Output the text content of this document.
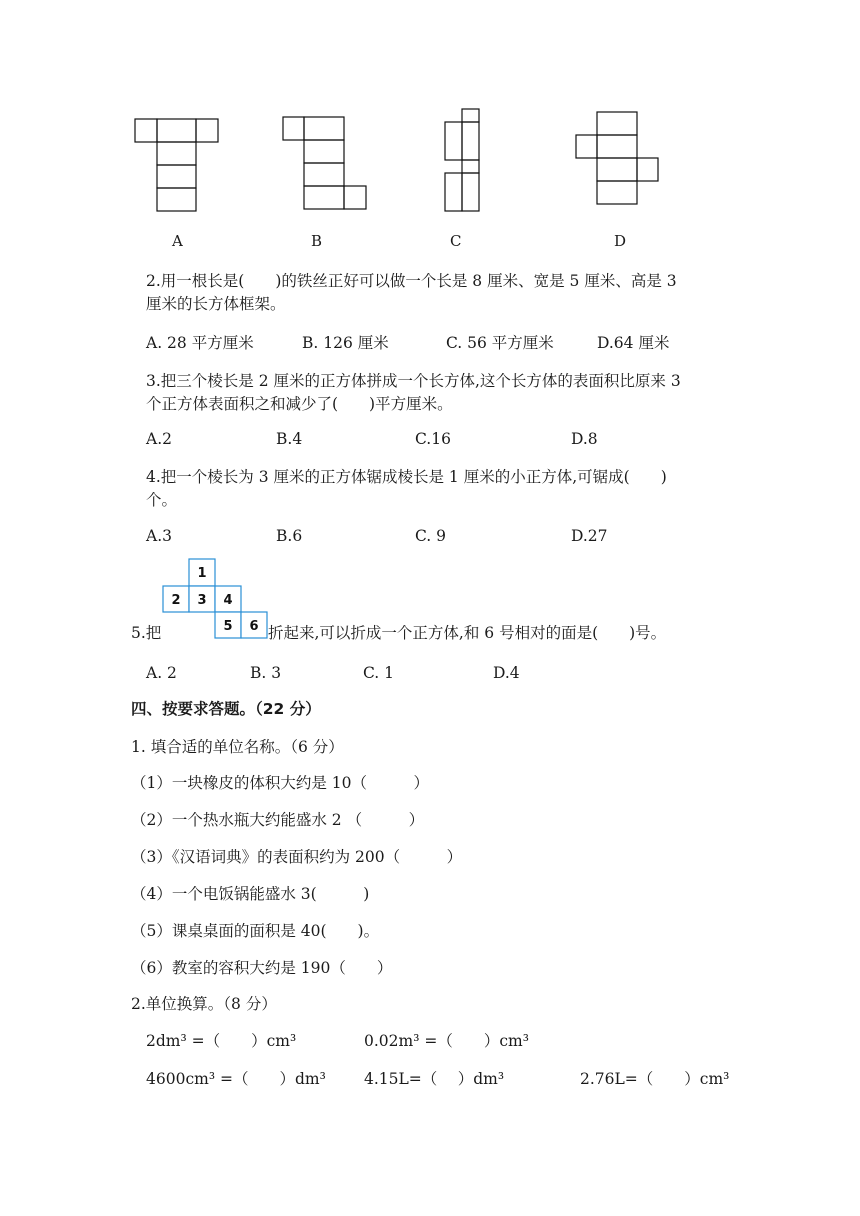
A	B	C	D
2.用一根长是(　　)的铁丝正好可以做一个长是 8 厘米、宽是 5 厘米、高是 3
厘米的长方体框架。
A. 28 平方厘米	B. 126 厘米	C. 56 平方厘米	D.64 厘米
3.把三个棱长是 2 厘米的正方体拼成一个长方体,这个长方体的表面积比原来 3
个正方体表面积之和减少了(　　)平方厘米。
A.2	B.4	C.16	D.8
4.把一个棱长为 3 厘米的正方体锯成棱长是 1 厘米的小正方体,可锯成(　　)
个。
A.3	B.6	C. 9	D.27
1
2 3 4
5 6
5.把	折起来,可以折成一个正方体,和 6 号相对的面是(　　)号。
A. 2	B. 3	C. 1	D.4
四、按要求答题。（22 分）
1. 填合适的单位名称。（6 分）
（1）一块橡皮的体积大约是 10（　　　）
（2）一个热水瓶大约能盛水 2 （　　　）
（3）《汉语词典》的表面积约为 200（　　　）
（4）一个电饭锅能盛水 3(　　　)
（5）课桌桌面的面积是 40(　　)。
（6）教室的容积大约是 190（　　）
2.单位换算。（8 分）
2dm³ =（　　）cm³	0.02m³ =（　　）cm³
4600cm³ =（　　）dm³ 4.15L=（　 ）dm³	2.76L=（　　）cm³
